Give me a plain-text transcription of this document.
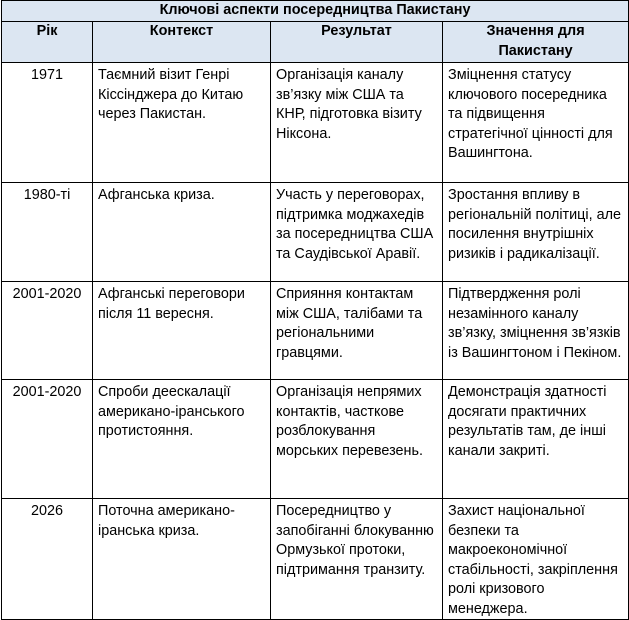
Ключові аспекти посередництва Пакистану			
Рік	Контекст	Результат	Значення для Пакистану
1971	Таємний візит Генрі Кіссінджера до Китаю через Пакистан.	Організація каналу зв’язку між США та КНР, підготовка візиту Ніксона.	Зміцнення статусу ключового посередника та підвищення стратегічної цінності для Вашингтона.
1980-ті	Афганська криза.	Участь у переговорах, підтримка моджахедів за посередництва США та Саудівської Аравії.	Зростання впливу в регіональній політиці, але посилення внутрішніх ризиків і радикалізації.
2001-2020	Афганські переговори після 11 вересня.	Сприяння контактам між США, талібами та регіональними гравцями.	Підтвердження ролі незамінного каналу зв’язку, зміцнення зв’язків із Вашингтоном і Пекіном.
2001-2020	Спроби деескалації американо-іранського протистояння.	Організація непрямих контактів, часткове розблокування морських перевезень.	Демонстрація здатності досягати практичних результатів там, де інші канали закриті.
2026	Поточна американо-іранська криза.	Посередництво у запобіганні блокуванню Ормузької протоки, підтримання транзиту.	Захист національної безпеки та макроекономічної стабільності, закріплення ролі кризового менеджера.
